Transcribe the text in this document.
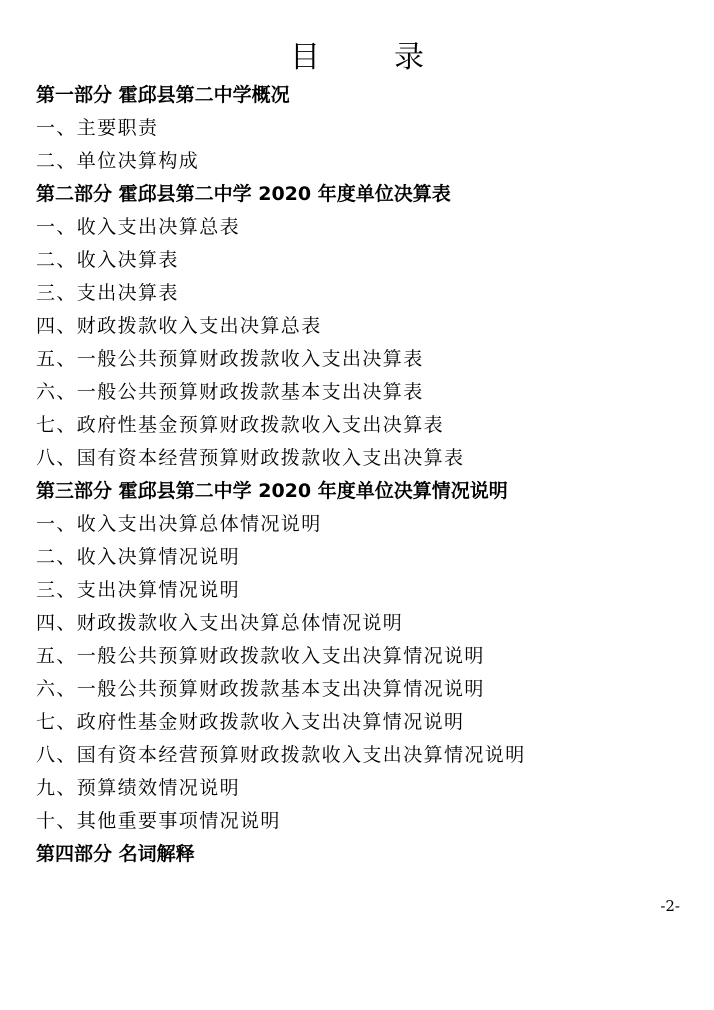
目　录
第一部分 霍邱县第二中学概况
一、主要职责
二、单位决算构成
第二部分 霍邱县第二中学 2020 年度单位决算表
一、收入支出决算总表
二、收入决算表
三、支出决算表
四、财政拨款收入支出决算总表
五、一般公共预算财政拨款收入支出决算表
六、一般公共预算财政拨款基本支出决算表
七、政府性基金预算财政拨款收入支出决算表
八、国有资本经营预算财政拨款收入支出决算表
第三部分 霍邱县第二中学 2020 年度单位决算情况说明
一、收入支出决算总体情况说明
二、收入决算情况说明
三、支出决算情况说明
四、财政拨款收入支出决算总体情况说明
五、一般公共预算财政拨款收入支出决算情况说明
六、一般公共预算财政拨款基本支出决算情况说明
七、政府性基金财政拨款收入支出决算情况说明
八、国有资本经营预算财政拨款收入支出决算情况说明
九、预算绩效情况说明
十、其他重要事项情况说明
第四部分 名词解释
-2-
